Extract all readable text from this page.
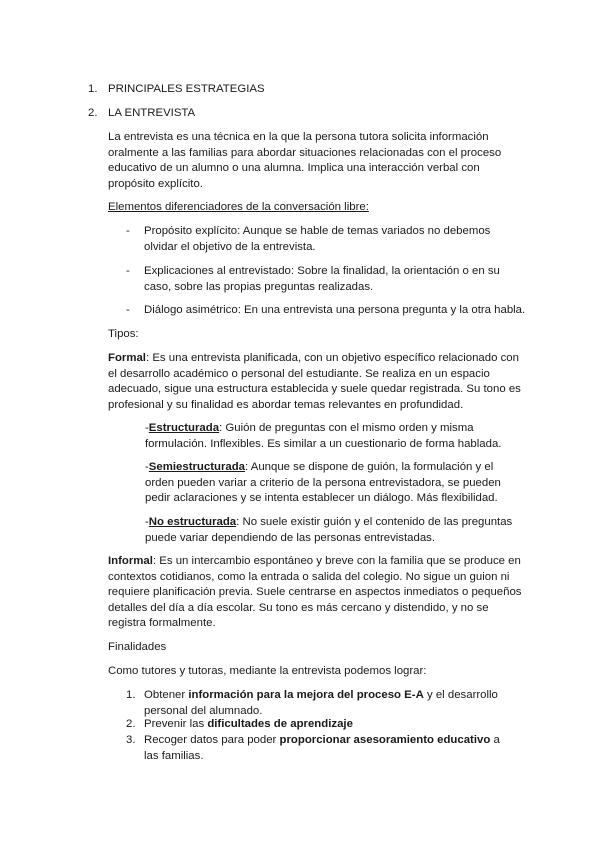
1. PRINCIPALES ESTRATEGIAS
2. LA ENTREVISTA

La entrevista es una técnica en la que la persona tutora solicita información oralmente a las familias para abordar situaciones relacionadas con el proceso educativo de un alumno o una alumna. Implica una interacción verbal con propósito explícito.

Elementos diferenciadores de la conversación libre:

- Propósito explícito: Aunque se hable de temas variados no debemos olvidar el objetivo de la entrevista.

- Explicaciones al entrevistado: Sobre la finalidad, la orientación o en su caso, sobre las propias preguntas realizadas.

- Diálogo asimétrico: En una entrevista una persona pregunta y la otra habla.

Tipos:

Formal: Es una entrevista planificada, con un objetivo específico relacionado con el desarrollo académico o personal del estudiante. Se realiza en un espacio adecuado, sigue una estructura establecida y suele quedar registrada. Su tono es profesional y su finalidad es abordar temas relevantes en profundidad.

-Estructurada: Guión de preguntas con el mismo orden y misma formulación. Inflexibles. Es similar a un cuestionario de forma hablada.

-Semiestructurada: Aunque se dispone de guión, la formulación y el orden pueden variar a criterio de la persona entrevistadora, se pueden pedir aclaraciones y se intenta establecer un diálogo. Más flexibilidad.

-No estructurada: No suele existir guión y el contenido de las preguntas puede variar dependiendo de las personas entrevistadas.

Informal: Es un intercambio espontáneo y breve con la familia que se produce en contextos cotidianos, como la entrada o salida del colegio. No sigue un guion ni requiere planificación previa. Suele centrarse en aspectos inmediatos o pequeños detalles del día a día escolar. Su tono es más cercano y distendido, y no se registra formalmente.

Finalidades

Como tutores y tutoras, mediante la entrevista podemos lograr:

1. Obtener información para la mejora del proceso E-A y el desarrollo personal del alumnado.

2. Prevenir las dificultades de aprendizaje

3. Recoger datos para poder proporcionar asesoramiento educativo a las familias.
